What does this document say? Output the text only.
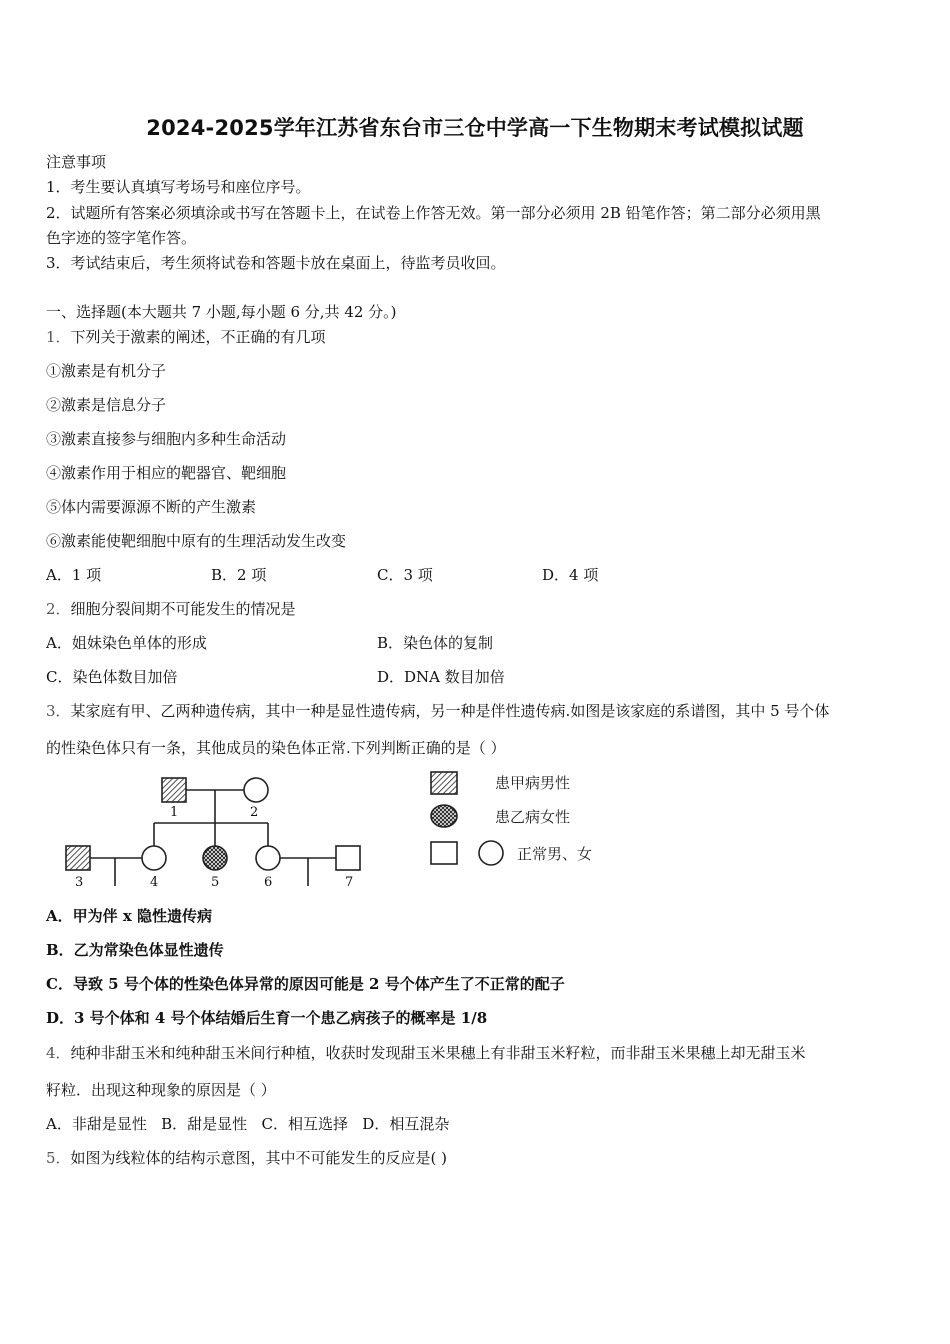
2024-2025学年江苏省东台市三仓中学高一下生物期末考试模拟试题
注意事项
1．考生要认真填写考场号和座位序号。
2．试题所有答案必须填涂或书写在答题卡上，在试卷上作答无效。第一部分必须用 2B 铅笔作答；第二部分必须用黑
色字迹的签字笔作答。
3．考试结束后，考生须将试卷和答题卡放在桌面上，待监考员收回。
一、选择题(本大题共 7 小题,每小题 6 分,共 42 分。)
1．下列关于激素的阐述，不正确的有几项
①激素是有机分子
②激素是信息分子
③激素直接参与细胞内多种生命活动
④激素作用于相应的靶器官、靶细胞
⑤体内需要源源不断的产生激素
⑥激素能使靶细胞中原有的生理活动发生改变
A．1 项	B．2 项	C．3 项	D．4 项
2．细胞分裂间期不可能发生的情况是
A．姐妹染色单体的形成	B．染色体的复制
C．染色体数目加倍	D．DNA 数目加倍
3．某家庭有甲、乙两种遗传病，其中一种是显性遗传病，另一种是伴性遗传病.如图是该家庭的系谱图，其中 5 号个体
的性染色体只有一条，其他成员的染色体正常.下列判断正确的是（ ）
1	2
3	4	5	6	7
患甲病男性
患乙病女性
正常男、女
A．甲为伴 x 隐性遗传病
B．乙为常染色体显性遗传
C．导致 5 号个体的性染色体异常的原因可能是 2 号个体产生了不正常的配子
D．3 号个体和 4 号个体结婚后生育一个患乙病孩子的概率是 1/8
4．纯种非甜玉米和纯种甜玉米间行种植，收获时发现甜玉米果穗上有非甜玉米籽粒，而非甜玉米果穗上却无甜玉米
籽粒．出现这种现象的原因是（ ）
A．非甜是显性 B．甜是显性 C．相互选择 D．相互混杂
5．如图为线粒体的结构示意图，其中不可能发生的反应是( )
